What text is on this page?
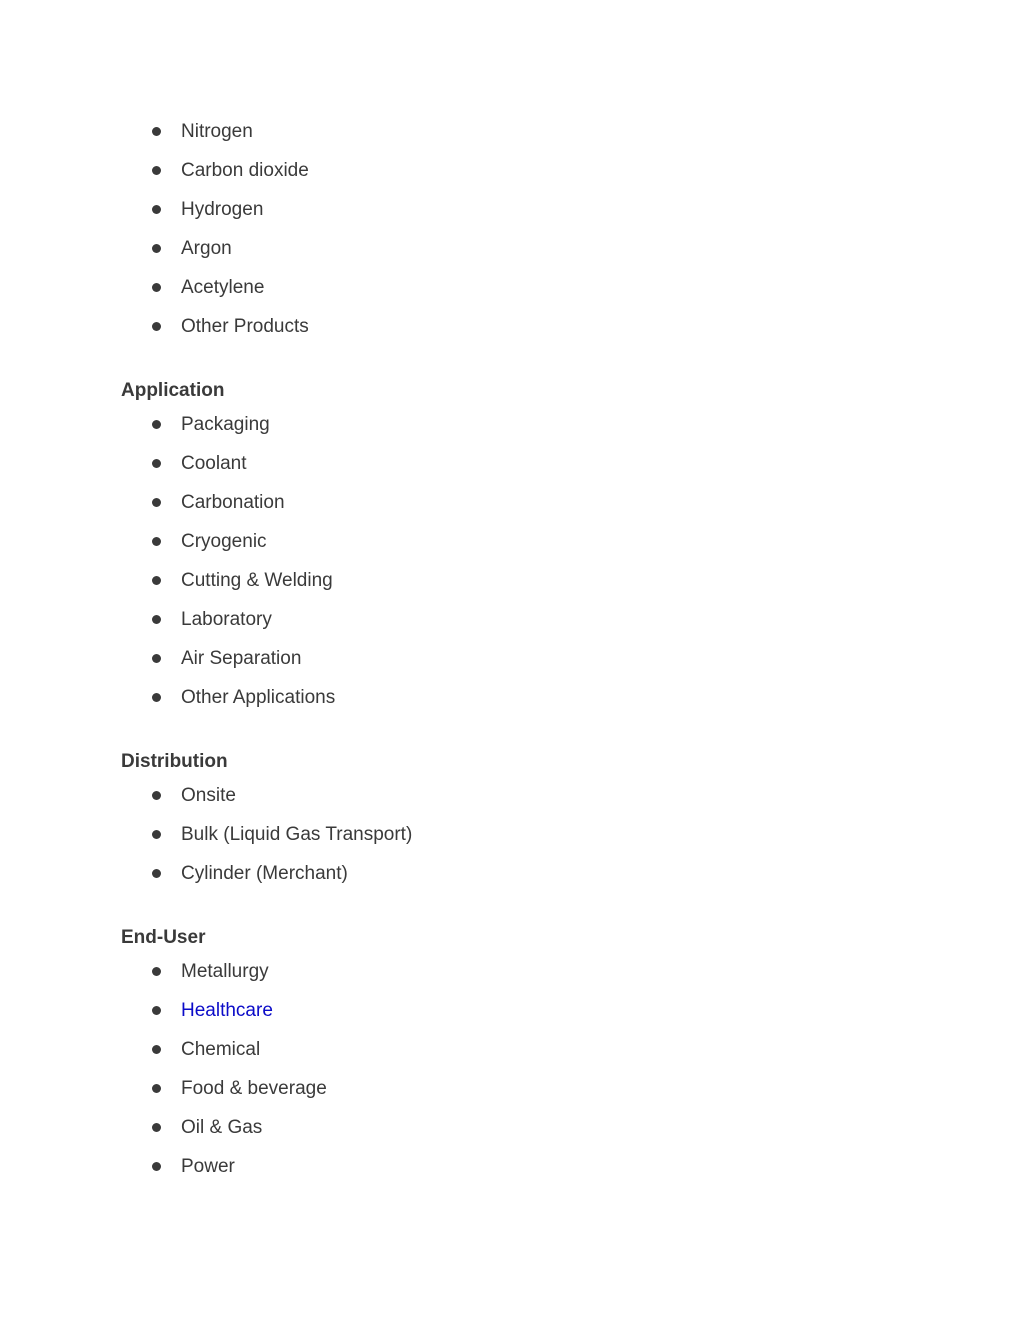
Nitrogen
Carbon dioxide
Hydrogen
Argon
Acetylene
Other Products
Application
Packaging
Coolant
Carbonation
Cryogenic
Cutting & Welding
Laboratory
Air Separation
Other Applications
Distribution
Onsite
Bulk (Liquid Gas Transport)
Cylinder (Merchant)
End-User
Metallurgy
Healthcare
Chemical
Food & beverage
Oil & Gas
Power
